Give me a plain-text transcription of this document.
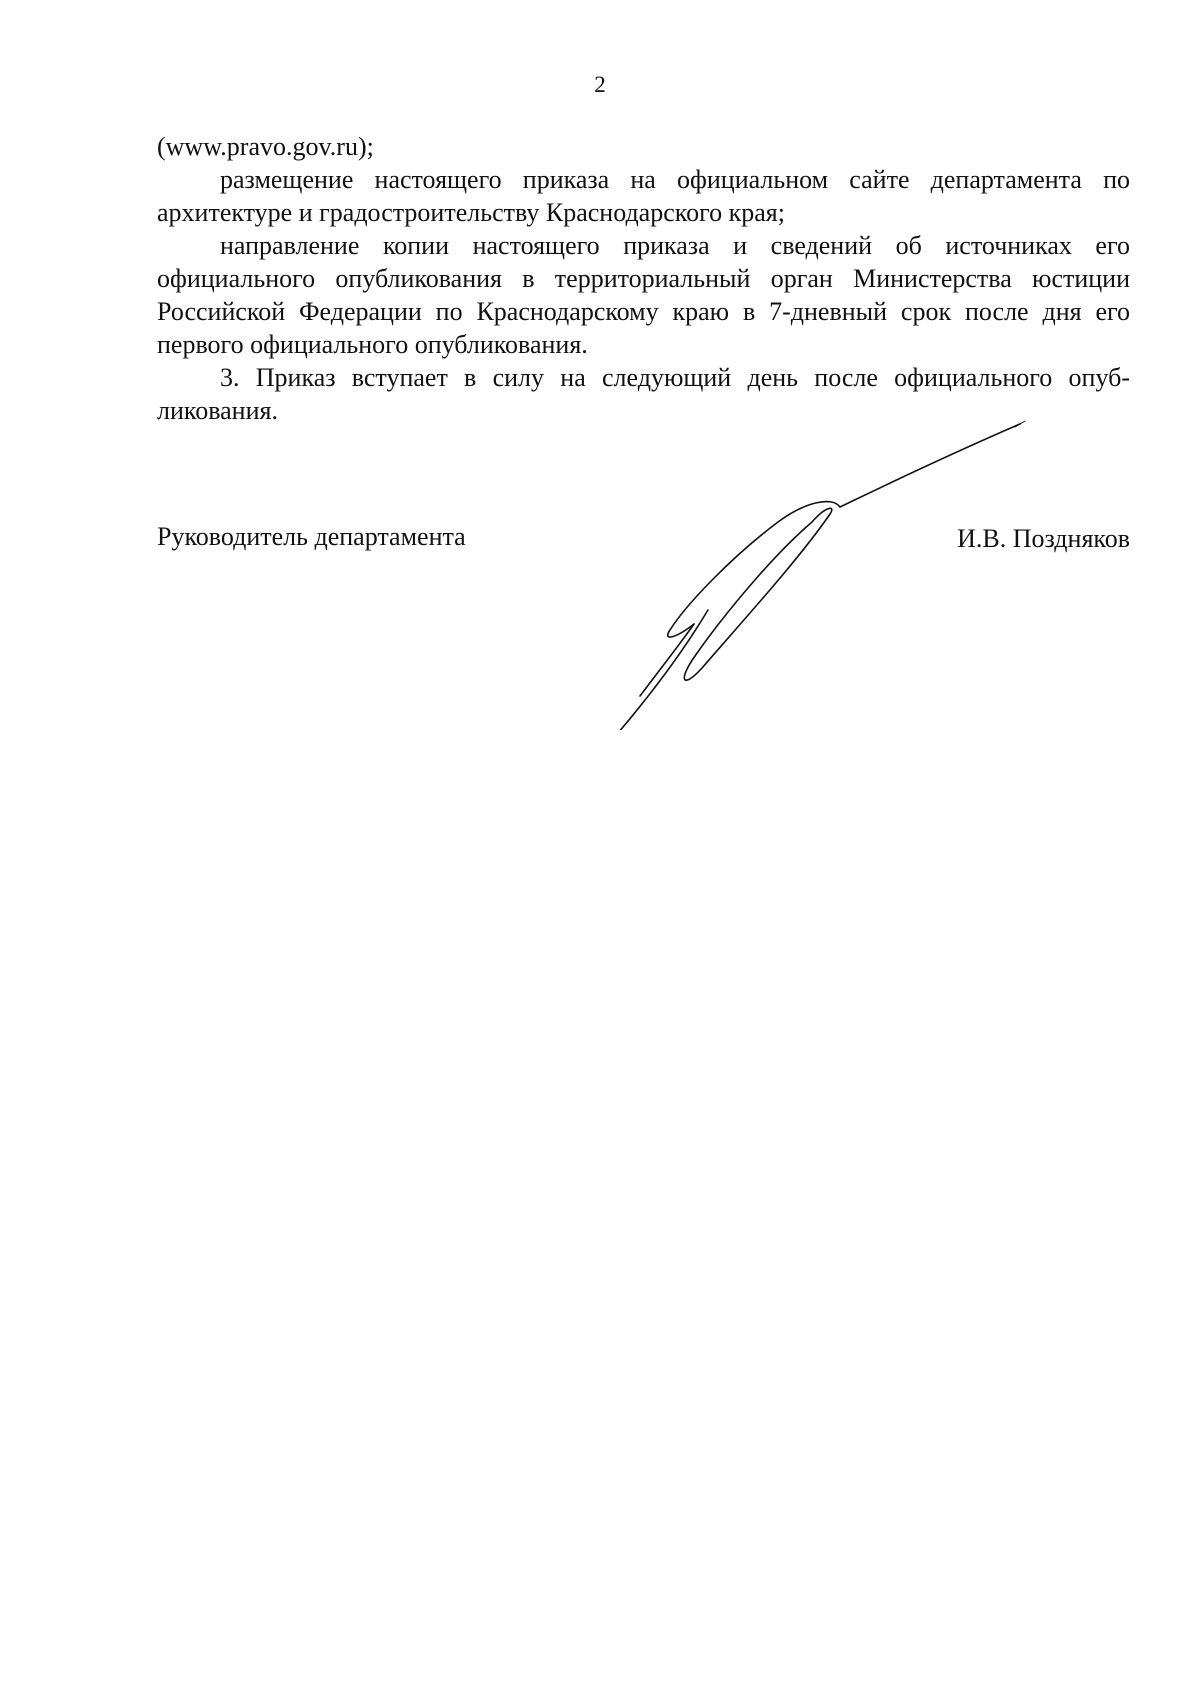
2

(www.pravo.gov.ru);

размещение настоящего приказа на официальном сайте департамента по архитектуре и градостроительству Краснодарского края;

направление копии настоящего приказа и сведений об источниках его официального опубликования в территориальный орган Министерства юстиции Российской Федерации по Краснодарскому краю в 7-дневный срок после дня его первого официального опубликования.

3. Приказ вступает в силу на следующий день после официального опуб-ликования.

Руководитель департамента	И.В. Поздняков
